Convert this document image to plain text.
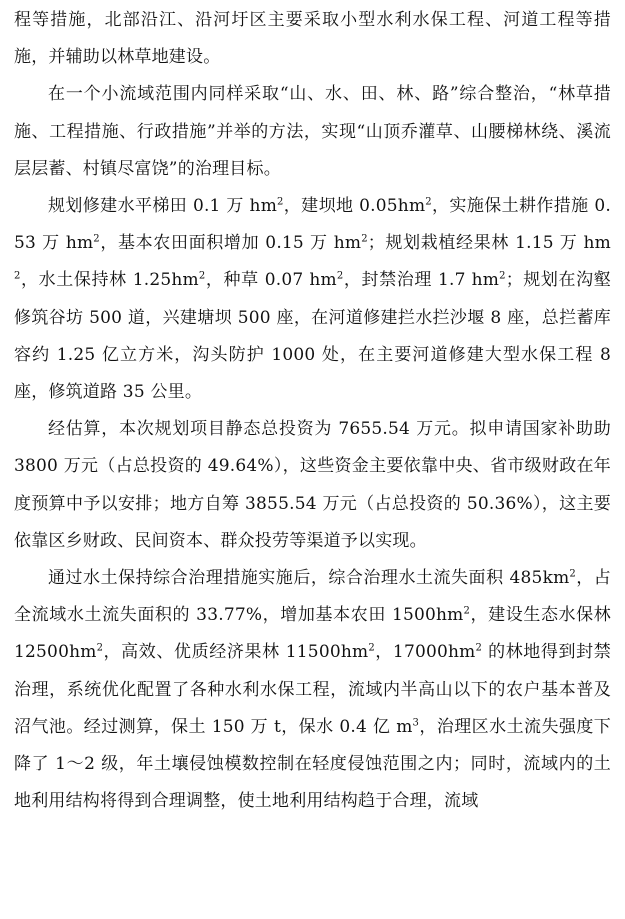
程等措施，北部沿江、沿河圩区主要采取小型水利水保工程、河道工程等措施，并辅助以林草地建设。

在一个小流域范围内同样采取“山、水、田、林、路”综合整治，“林草措施、工程措施、行政措施”并举的方法，实现“山顶乔灌草、山腰梯林绕、溪流层层蓄、村镇尽富饶”的治理目标。

规划修建水平梯田 0.1 万 $hm^2$，建坝地 $0.05hm^2$，实施保土耕作措施 0.53 万 $hm^2$，基本农田面积增加 0.15 万 $hm^2$；规划栽植经果林 1.15 万 $hm^2$，水土保持林 $1.25hm^2$，种草 0.07 $hm^2$，封禁治理 1.7 $hm^2$；规划在沟壑修筑谷坊 500 道，兴建塘坝 500 座，在河道修建拦水拦沙堰 8 座，总拦蓄库容约 1.25 亿立方米，沟头防护 1000 处，在主要河道修建大型水保工程 8 座，修筑道路 35 公里。

经估算，本次规划项目静态总投资为 7655.54 万元。拟申请国家补助助 3800 万元（占总投资的 49.64%），这些资金主要依靠中央、省市级财政在年度预算中予以安排；地方自筹 3855.54 万元（占总投资的 50.36%），这主要依靠区乡财政、民间资本、群众投劳等渠道予以实现。

通过水土保持综合治理措施实施后，综合治理水土流失面积 $485km^2$，占全流域水土流失面积的 33.77%，增加基本农田 $1500hm^2$，建设生态水保林 $12500hm^2$，高效、优质经济果林 $11500hm^2$，$17000hm^2$ 的林地得到封禁治理，系统优化配置了各种水利水保工程，流域内半高山以下的农户基本普及沼气池。经过测算，保土 150 万 t，保水 0.4 亿 $m^3$，治理区水土流失强度下降了 1～2 级，年土壤侵蚀模数控制在轻度侵蚀范围之内；同时，流域内的土地利用结构将得到合理调整，使土地利用结构趋于合理，流域
